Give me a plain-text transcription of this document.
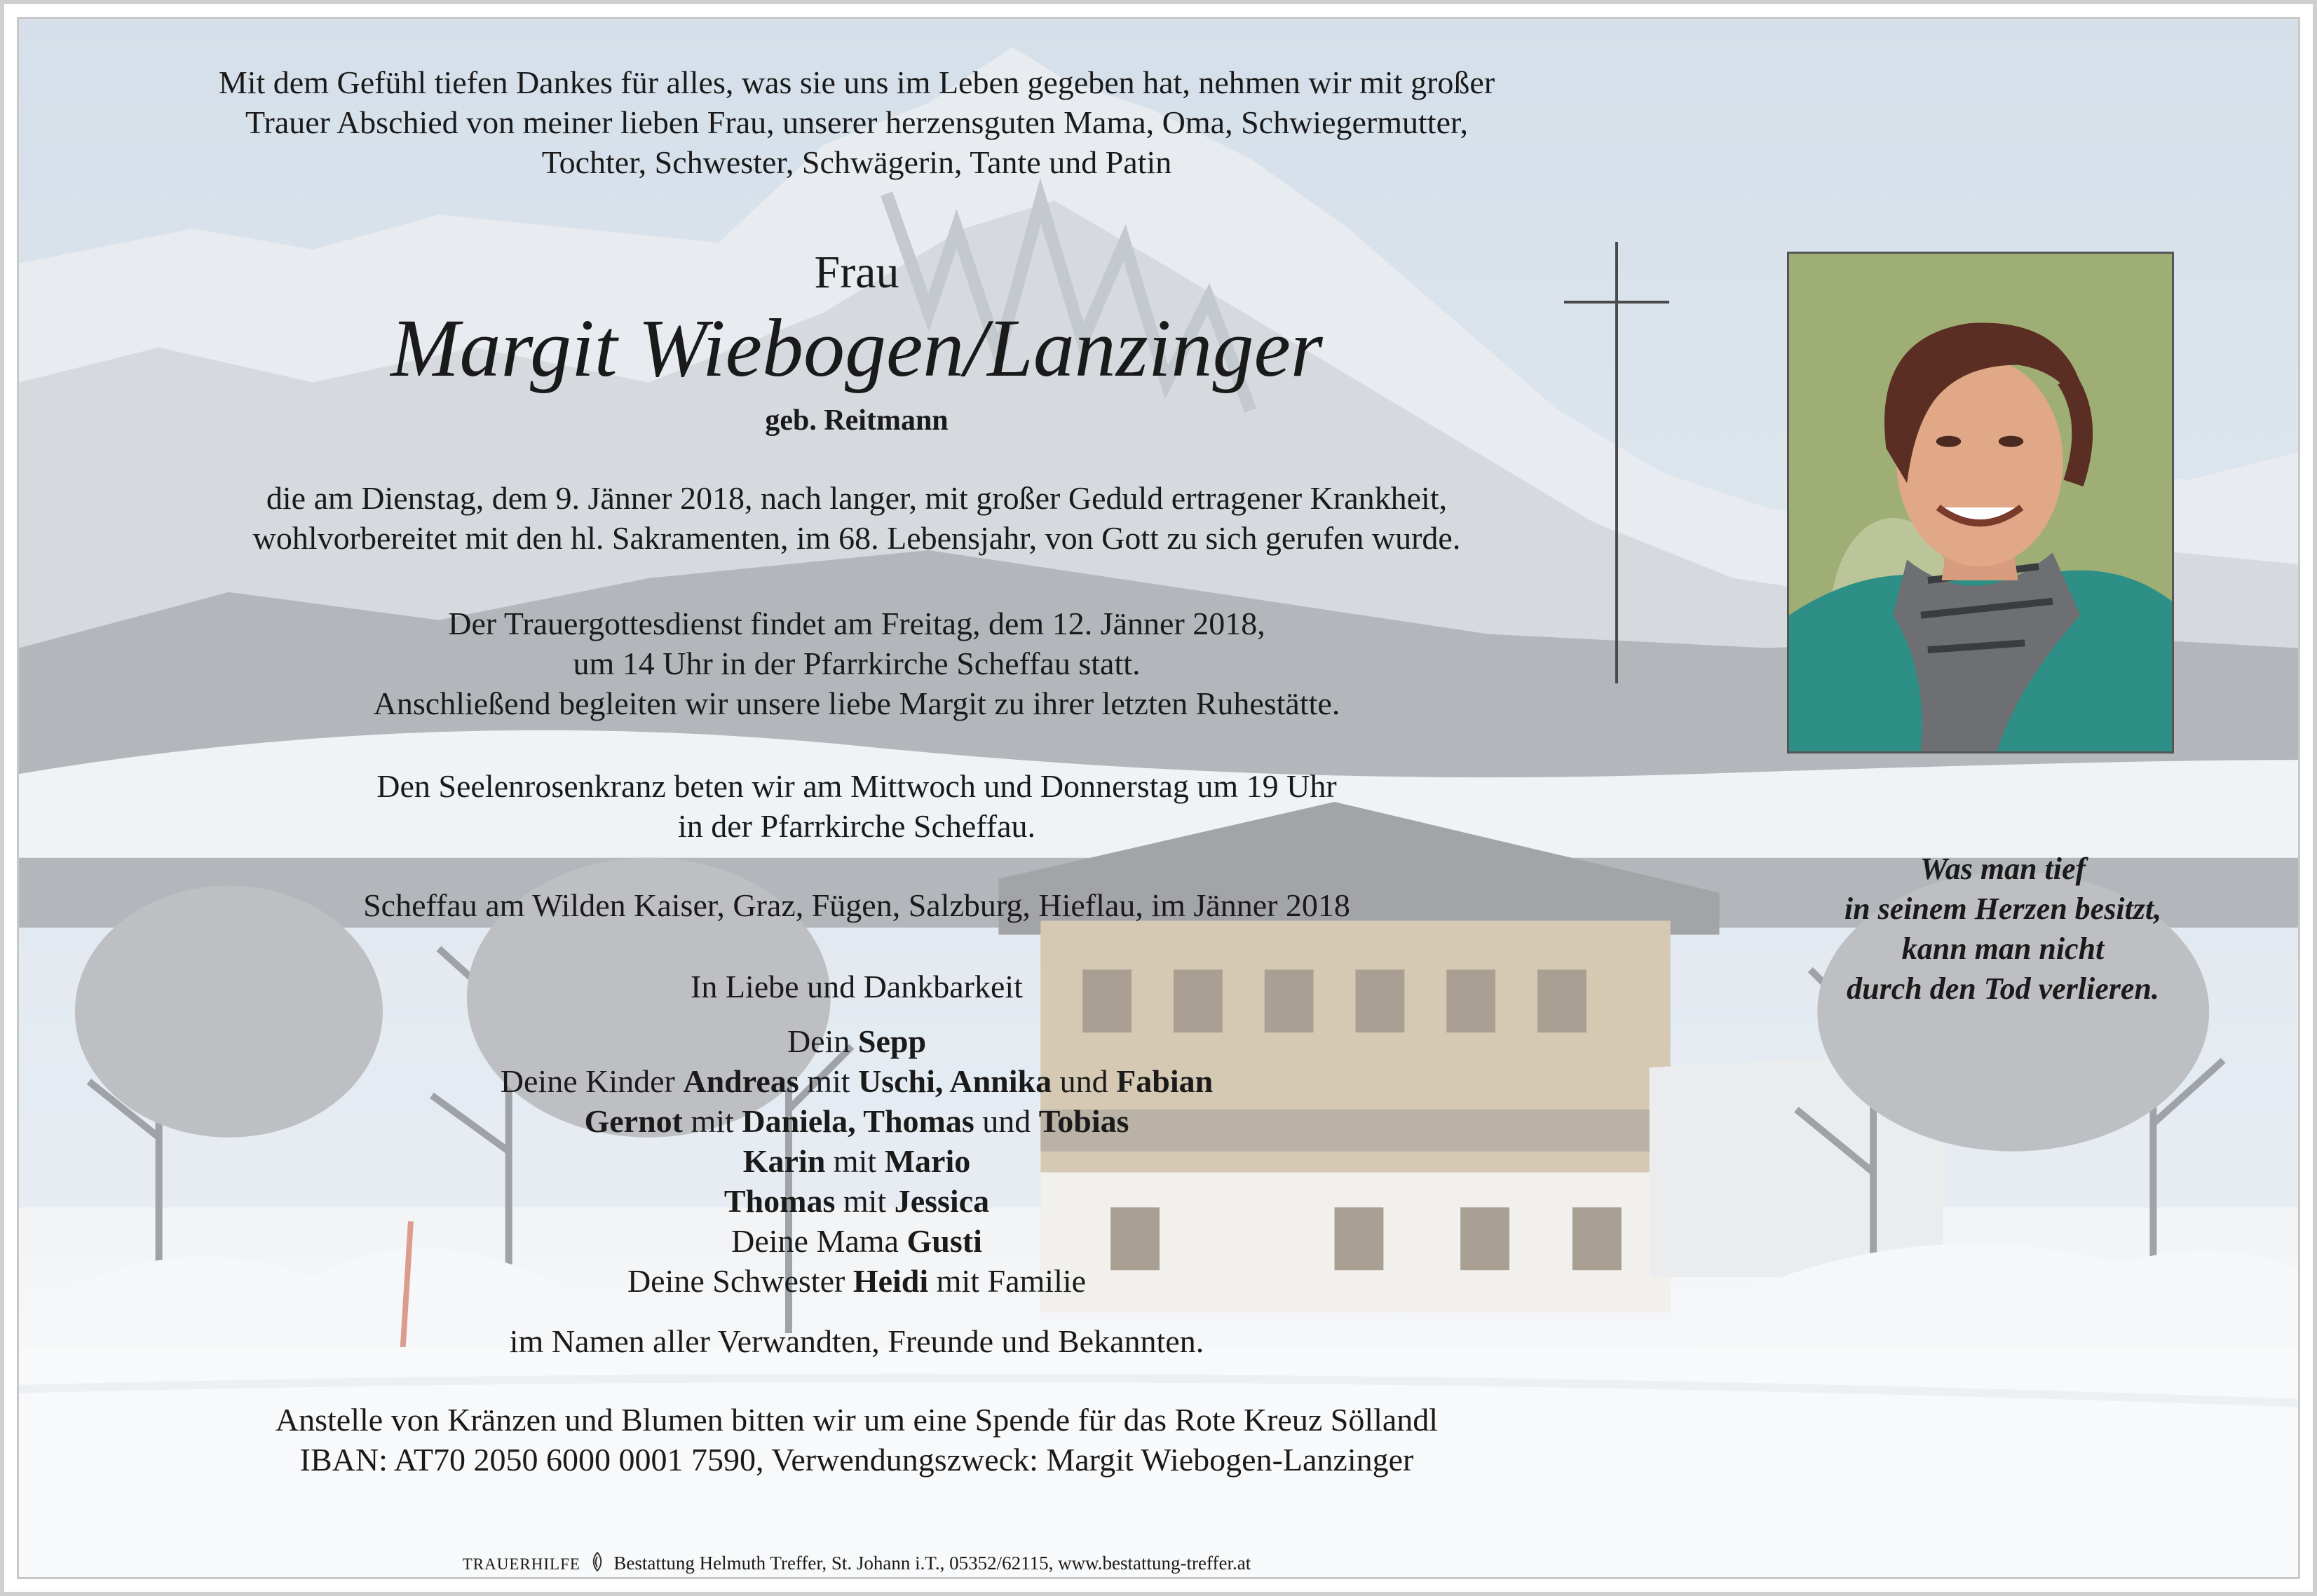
Mit dem Gefühl tiefen Dankes für alles, was sie uns im Leben gegeben hat, nehmen wir mit großer
Trauer Abschied von meiner lieben Frau, unserer herzensguten Mama, Oma, Schwiegermutter,
Tochter, Schwester, Schwägerin, Tante und Patin
Frau
Margit Wiebogen/Lanzinger
geb. Reitmann
die am Dienstag, dem 9. Jänner 2018, nach langer, mit großer Geduld ertragener Krankheit,
wohlvorbereitet mit den hl. Sakramenten, im 68. Lebensjahr, von Gott zu sich gerufen wurde.
Der Trauergottesdienst findet am Freitag, dem 12. Jänner 2018,
um 14 Uhr in der Pfarrkirche Scheffau statt.
Anschließend begleiten wir unsere liebe Margit zu ihrer letzten Ruhestätte.
Den Seelenrosenkranz beten wir am Mittwoch und Donnerstag um 19 Uhr
in der Pfarrkirche Scheffau.
Scheffau am Wilden Kaiser, Graz, Fügen, Salzburg, Hieflau, im Jänner 2018
In Liebe und Dankbarkeit
Dein Sepp
Deine Kinder Andreas mit Uschi, Annika und Fabian
Gernot mit Daniela, Thomas und Tobias
Karin mit Mario
Thomas mit Jessica
Deine Mama Gusti
Deine Schwester Heidi mit Familie
im Namen aller Verwandten, Freunde und Bekannten.
Anstelle von Kränzen und Blumen bitten wir um eine Spende für das Rote Kreuz Söllandl
IBAN: AT70 2050 6000 0001 7590, Verwendungszweck: Margit Wiebogen-Lanzinger
TRAUERHILFE Bestattung Helmuth Treffer, St. Johann i.T., 05352/62115, www.bestattung-treffer.at
Was man tief
in seinem Herzen besitzt,
kann man nicht
durch den Tod verlieren.
